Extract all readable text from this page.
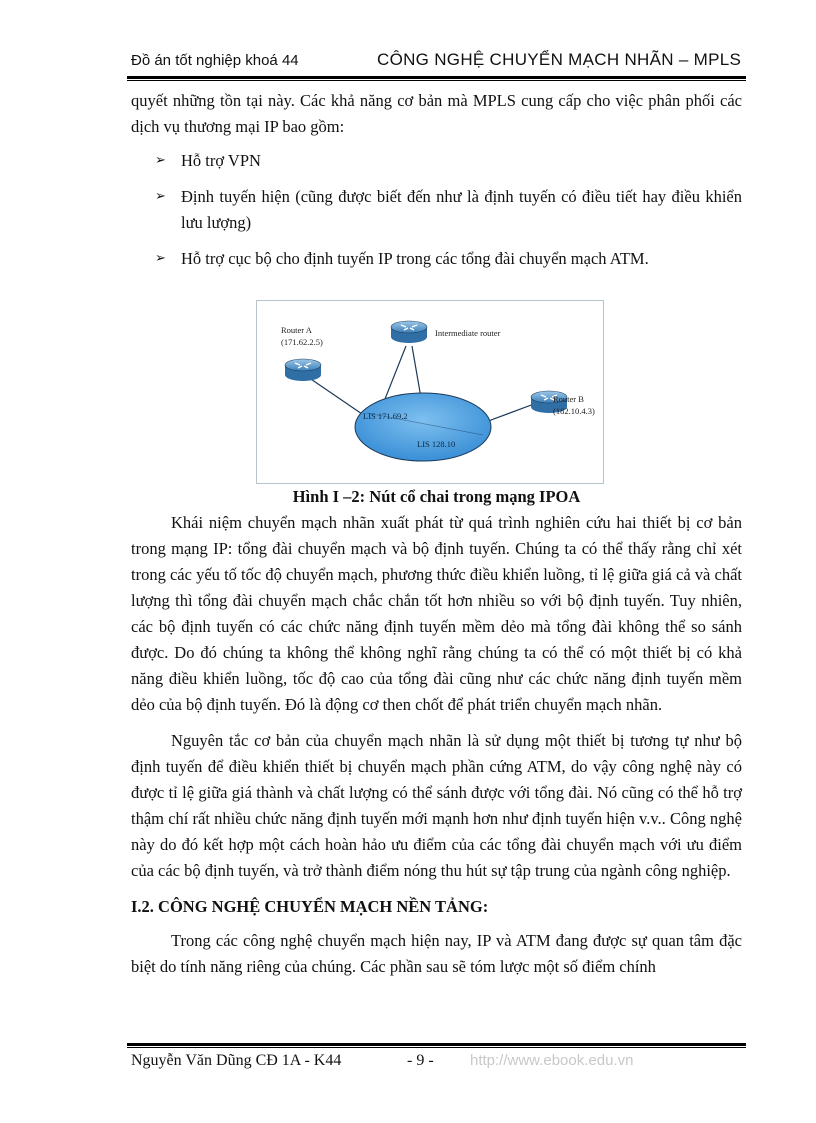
Đồ án tốt nghiệp khoá 44	CÔNG NGHỆ CHUYỂN MẠCH NHÃN – MPLS

quyết những tồn tại này. Các khả năng cơ bản mà MPLS cung cấp cho việc phân phối các dịch vụ thương mại IP bao gồm:

➢ Hỗ trợ VPN
➢ Định tuyến hiện (cũng được biết đến như là định tuyến có điều tiết hay điều khiển lưu lượng)
➢ Hỗ trợ cục bộ cho định tuyến IP trong các tổng đài chuyển mạch ATM.
LIS 171.69.2
LIS 128.10
Router A
(171.62.2.5)
Intermediate router
Router B
(182.10.4.3)

Hình I –2: Nút cổ chai trong mạng IPOA

Khái niệm chuyển mạch nhãn xuất phát từ quá trình nghiên cứu hai thiết bị cơ bản trong mạng IP: tổng đài chuyển mạch và bộ định tuyến. Chúng ta có thể thấy rằng chỉ xét trong các yếu tố tốc độ chuyển mạch, phương thức điều khiển luồng, tỉ lệ giữa giá cả và chất lượng thì tổng đài chuyển mạch chắc chắn tốt hơn nhiều so với bộ định tuyến. Tuy nhiên, các bộ định tuyến có các chức năng định tuyến mềm dẻo mà tổng đài không thể so sánh được. Do đó chúng ta không thể không nghĩ rằng chúng ta có thể có một thiết bị có khả năng điều khiển luồng, tốc độ cao của tổng đài cũng như các chức năng định tuyến mềm dẻo của bộ định tuyến. Đó là động cơ then chốt để phát triển chuyển mạch nhãn.

Nguyên tắc cơ bản của chuyển mạch nhãn là sử dụng một thiết bị tương tự như bộ định tuyến để điều khiển thiết bị chuyển mạch phần cứng ATM, do vậy công nghệ này có được tỉ lệ giữa giá thành và chất lượng có thể sánh được với tổng đài. Nó cũng có thể hỗ trợ thậm chí rất nhiều chức năng định tuyến mới mạnh hơn như định tuyến hiện v.v.. Công nghệ này do đó kết hợp một cách hoàn hảo ưu điểm của các tổng đài chuyển mạch với ưu điểm của các bộ định tuyến, và trở thành điểm nóng thu hút sự tập trung của ngành công nghiệp.

I.2. CÔNG NGHỆ CHUYỂN MẠCH NỀN TẢNG:

Trong các công nghệ chuyển mạch hiện nay, IP và ATM đang được sự quan tâm đặc biệt do tính năng riêng của chúng. Các phần sau sẽ tóm lược một số điểm chính

Nguyễn Văn Dũng CĐ 1A - K44	- 9 - http://www.ebook.edu.vn
